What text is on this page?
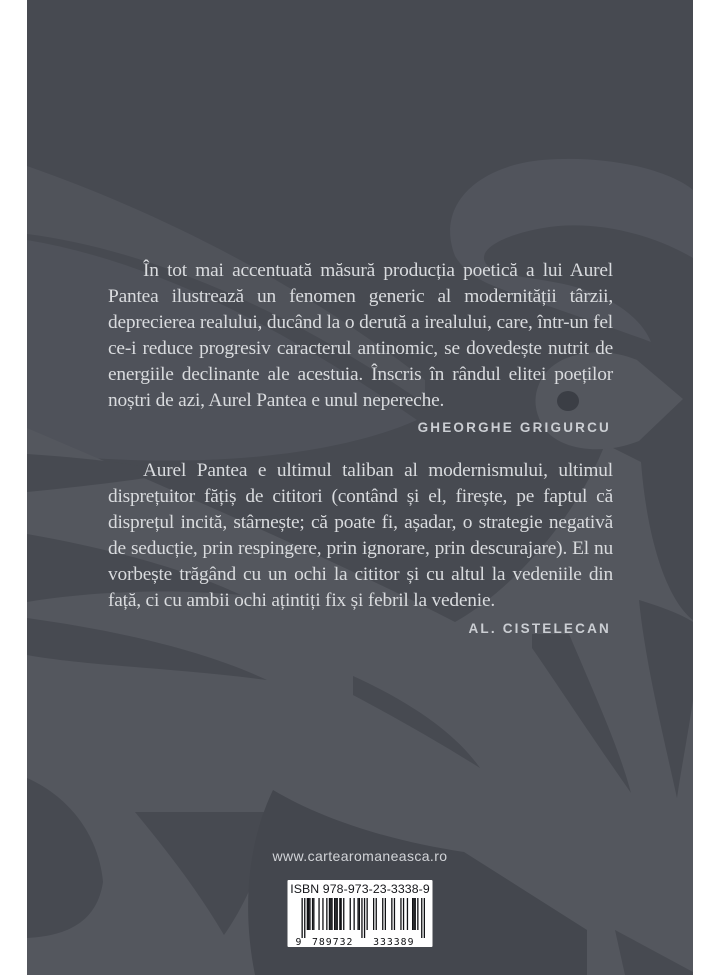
În tot mai accentuată măsură producția poetică a lui Aurel Pantea ilustrează un fenomen generic al modernității târzii, deprecierea realului, ducând la o derută a irealului, care, într-un fel ce-i reduce progresiv caracterul antinomic, se dovedește nutrit de energiile declinante ale acestuia. Înscris în rândul elitei poeților noștri de azi, Aurel Pantea e unul nepereche.

GHEORGHE GRIGURCU

Aurel Pantea e ultimul taliban al modernismului, ultimul disprețuitor fățiș de cititori (contând și el, firește, pe faptul că disprețul incită, stârnește; că poate fi, așadar, o strategie negativă de seducție, prin respingere, prin ignorare, prin descurajare). El nu vorbește trăgând cu un ochi la cititor și cu altul la vedeniile din față, ci cu ambii ochi ațintiți fix și febril la vedenie.

AL. CISTELECAN
www.cartearomaneasca.ro
ISBN 978-973-23-3338-9
9 789732 333389
